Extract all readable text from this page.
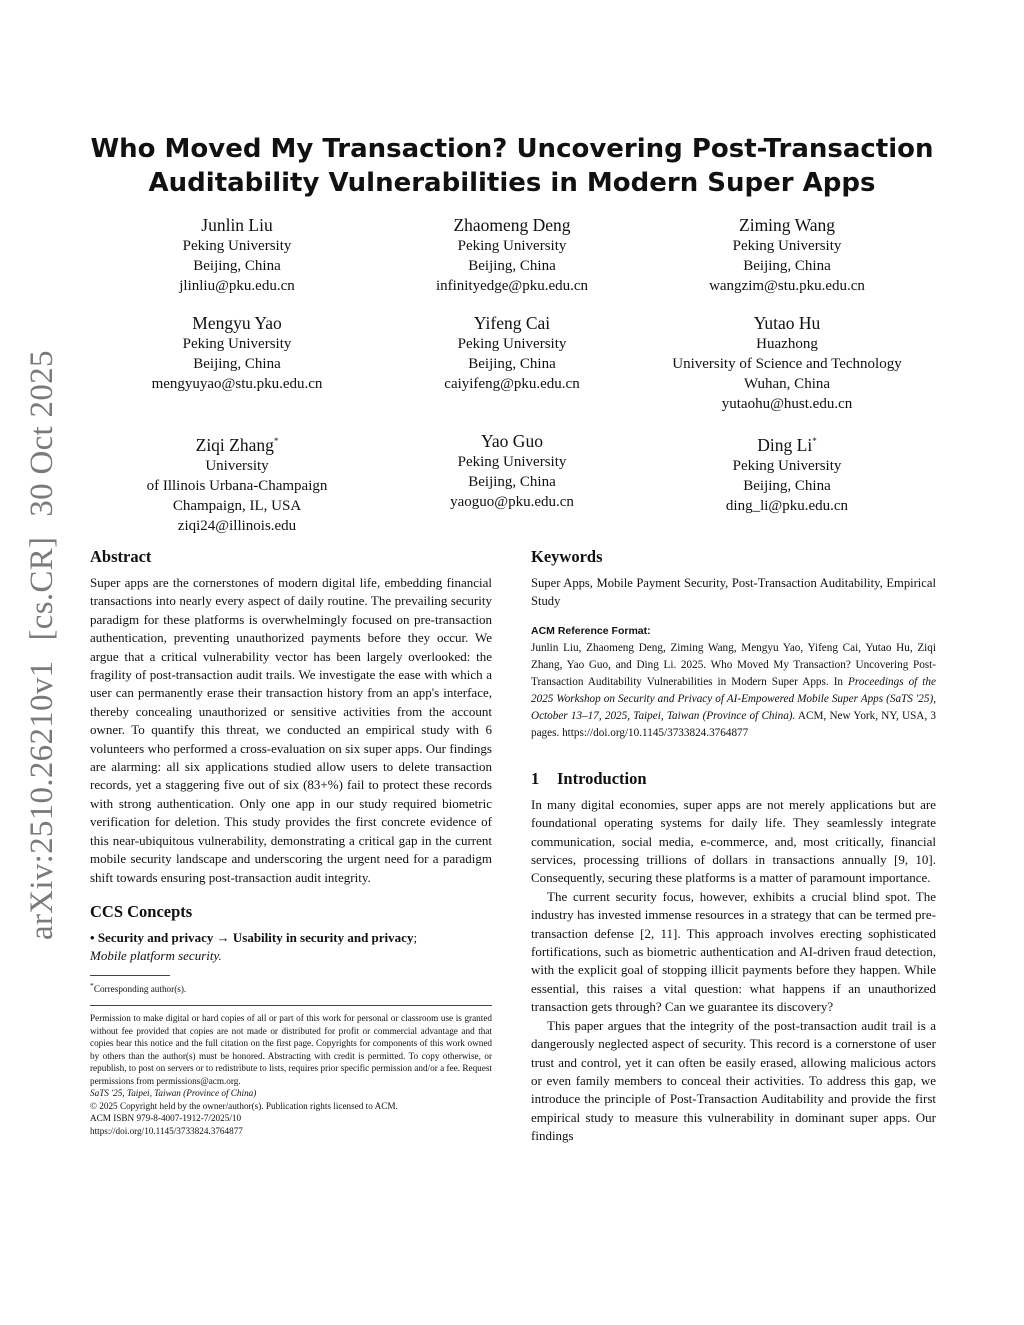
arXiv:2510.26210v1[cs.CR]30 Oct 2025
Who Moved My Transaction? Uncovering Post-Transaction
Auditability Vulnerabilities in Modern Super Apps
Junlin Liu
Peking University
Beijing, China
jlinliu@pku.edu.cn
Zhaomeng Deng
Peking University
Beijing, China
infinityedge@pku.edu.cn
Ziming Wang
Peking University
Beijing, China
wangzim@stu.pku.edu.cn
Mengyu Yao
Peking University
Beijing, China
mengyuyao@stu.pku.edu.cn
Yifeng Cai
Peking University
Beijing, China
caiyifeng@pku.edu.cn
Yutao Hu
Huazhong
University of Science and Technology
Wuhan, China
yutaohu@hust.edu.cn
Ziqi Zhang*
University
of Illinois Urbana-Champaign
Champaign, IL, USA
ziqi24@illinois.edu
Yao Guo
Peking University
Beijing, China
yaoguo@pku.edu.cn
Ding Li*
Peking University
Beijing, China
ding_li@pku.edu.cn
Abstract

Super apps are the cornerstones of modern digital life, embedding financial transactions into nearly every aspect of daily routine. The prevailing security paradigm for these platforms is overwhelmingly focused on pre-transaction authentication, preventing unauthorized payments before they occur. We argue that a critical vulnerability vector has been largely overlooked: the fragility of post-transaction audit trails. We investigate the ease with which a user can permanently erase their transaction history from an app's interface, thereby concealing unauthorized or sensitive activities from the account owner. To quantify this threat, we conducted an empirical study with 6 volunteers who performed a cross-evaluation on six super apps. Our findings are alarming: all six applications studied allow users to delete transaction records, yet a staggering five out of six (83+%) fail to protect these records with strong authentication. Only one app in our study required biometric verification for deletion. This study provides the first concrete evidence of this near-ubiquitous vulnerability, demonstrating a critical gap in the current mobile security landscape and underscoring the urgent need for a paradigm shift towards ensuring post-transaction audit integrity.

CCS Concepts

• Security and privacy → Usability in security and privacy;
Mobile platform security.

*Corresponding author(s).

Permission to make digital or hard copies of all or part of this work for personal or classroom use is granted without fee provided that copies are not made or distributed for profit or commercial advantage and that copies bear this notice and the full citation on the first page. Copyrights for components of this work owned by others than the author(s) must be honored. Abstracting with credit is permitted. To copy otherwise, or republish, to post on servers or to redistribute to lists, requires prior specific permission and/or a fee. Request permissions from permissions@acm.org.

SaTS '25, Taipei, Taiwan (Province of China)

© 2025 Copyright held by the owner/author(s). Publication rights licensed to ACM.

ACM ISBN 979-8-4007-1912-7/2025/10

https://doi.org/10.1145/3733824.3764877

Keywords

Super Apps, Mobile Payment Security, Post-Transaction Auditability, Empirical Study

ACM Reference Format:

Junlin Liu, Zhaomeng Deng, Ziming Wang, Mengyu Yao, Yifeng Cai, Yutao Hu, Ziqi Zhang, Yao Guo, and Ding Li. 2025. Who Moved My Transaction? Uncovering Post-Transaction Auditability Vulnerabilities in Modern Super Apps. In Proceedings of the 2025 Workshop on Security and Privacy of AI-Empowered Mobile Super Apps (SaTS '25), October 13–17, 2025, Taipei, Taiwan (Province of China). ACM, New York, NY, USA, 3 pages. https://doi.org/10.1145/3733824.3764877

1 Introduction

In many digital economies, super apps are not merely applications but are foundational operating systems for daily life. They seamlessly integrate communication, social media, e-commerce, and, most critically, financial services, processing trillions of dollars in transactions annually [9, 10]. Consequently, securing these platforms is a matter of paramount importance.

The current security focus, however, exhibits a crucial blind spot. The industry has invested immense resources in a strategy that can be termed pre-transaction defense [2, 11]. This approach involves erecting sophisticated fortifications, such as biometric authentication and AI-driven fraud detection, with the explicit goal of stopping illicit payments before they happen. While essential, this raises a vital question: what happens if an unauthorized transaction gets through? Can we guarantee its discovery?

This paper argues that the integrity of the post-transaction audit trail is a dangerously neglected aspect of security. This record is a cornerstone of user trust and control, yet it can often be easily erased, allowing malicious actors or even family members to conceal their activities. To address this gap, we introduce the principle of Post-Transaction Auditability and provide the first empirical study to measure this vulnerability in dominant super apps. Our findings
